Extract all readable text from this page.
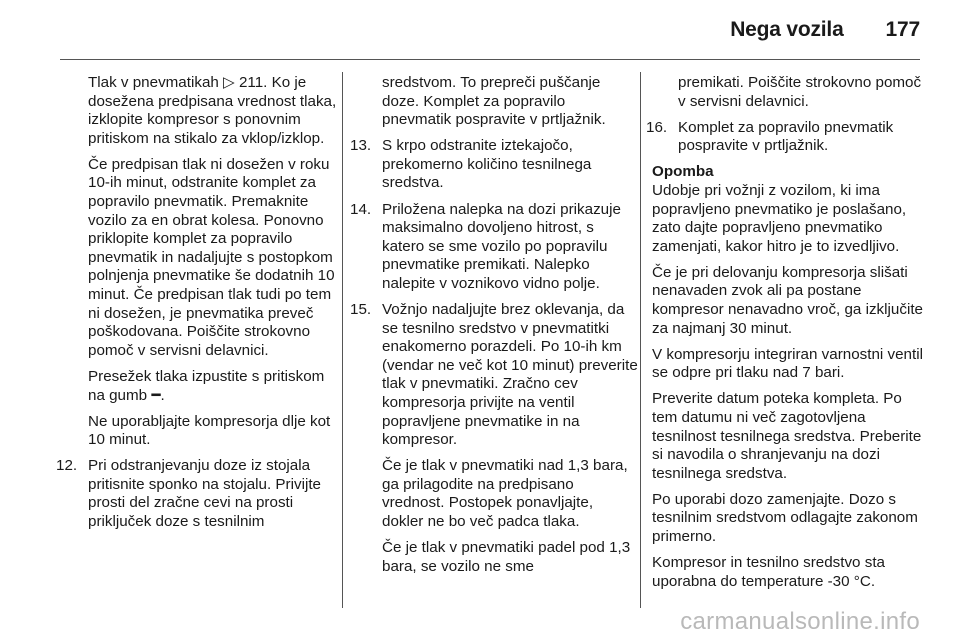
Nega vozila 177

Tlak v pnevmatikah ▷ 211. Ko je dosežena predpisana vrednost tlaka, izklopite kompresor s ponovnim pritiskom na stikalo za vklop/izklop.

Če predpisan tlak ni dosežen v roku 10-ih minut, odstranite komplet za popravilo pnevmatik. Premaknite vozilo za en obrat kolesa. Ponovno priklopite komplet za popravilo pnevmatik in nadaljujte s postopkom polnjenja pnevmatike še dodatnih 10 minut. Če predpisan tlak tudi po tem ni dosežen, je pnevmatika preveč poškodovana. Poiščite strokovno pomoč v servisni delavnici.

Presežek tlaka izpustite s pritiskom na gumb ━.

Ne uporabljajte kompresorja dlje kot 10 minut.

12. Pri odstranjevanju doze iz stojala pritisnite sponko na stojalu. Privijte prosti del zračne cevi na prosti priključek doze s tesnilnim

sredstvom. To prepreči puščanje doze. Komplet za popravilo pnevmatik pospravite v prtljažnik.

13. S krpo odstranite iztekajočo, prekomerno količino tesnilnega sredstva.
14. Priložena nalepka na dozi prikazuje maksimalno dovoljeno hitrost, s katero se sme vozilo po popravilu pnevmatike premikati. Nalepko nalepite v voznikovo vidno polje.
15. Vožnjo nadaljujte brez oklevanja, da se tesnilno sredstvo v pnevmatitki enakomerno porazdeli. Po 10-ih km (vendar ne več kot 10 minut) preverite tlak v pnevmatiki. Zračno cev kompresorja privijte na ventil popravljene pnevmatike in na kompresor.

Če je tlak v pnevmatiki nad 1,3 bara, ga prilagodite na predpisano vrednost. Postopek ponavljajte, dokler ne bo več padca tlaka.

Če je tlak v pnevmatiki padel pod 1,3 bara, se vozilo ne sme

premikati. Poiščite strokovno pomoč v servisni delavnici.

16. Komplet za popravilo pnevmatik pospravite v prtljažnik.

Opomba

Udobje pri vožnji z vozilom, ki ima popravljeno pnevmatiko je poslašano, zato dajte popravljeno pnevmatiko zamenjati, kakor hitro je to izvedljivo.

Če je pri delovanju kompresorja slišati nenavaden zvok ali pa postane kompresor nenavadno vroč, ga izključite za najmanj 30 minut.

V kompresorju integriran varnostni ventil se odpre pri tlaku nad 7 bari.

Preverite datum poteka kompleta. Po tem datumu ni več zagotovljena tesnilnost tesnilnega sredstva. Preberite si navodila o shranjevanju na dozi tesnilnega sredstva.

Po uporabi dozo zamenjajte. Dozo s tesnilnim sredstvom odlagajte zakonom primerno.

Kompresor in tesnilno sredstvo sta uporabna do temperature -30 °C.

carmanualsonline.info
